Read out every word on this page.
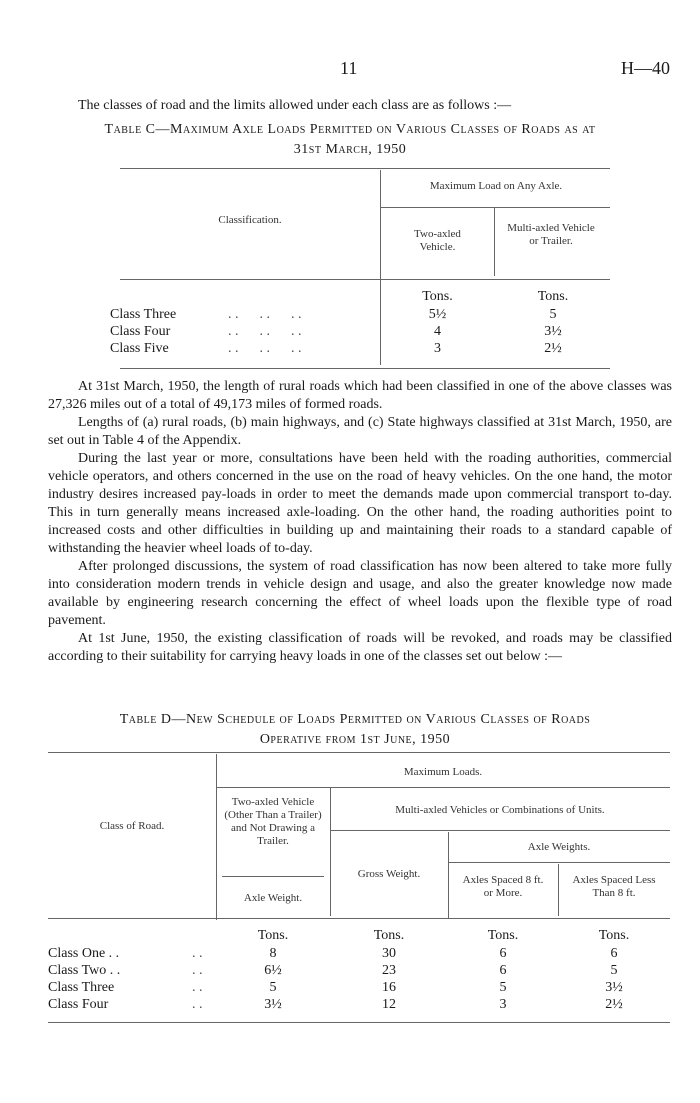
11	H—40
The classes of road and the limits allowed under each class are as follows :—
Table C—Maximum Axle Loads Permitted on Various Classes of Roads as at
31st March, 1950
Maximum Load on Any Axle.
Classification.
Two-axled Vehicle.
Multi-axled Vehicle or Trailer.
Tons.	Tons.
Class Three	. .      . .      . .	5½	5
Class Four	. .      . .      . .	4	3½
Class Five	. .      . .      . .	3	2½

At 31st March, 1950, the length of rural roads which had been classified in one of the above classes was 27,326 miles out of a total of 49,173 miles of formed roads.

Lengths of (a) rural roads, (b) main highways, and (c) State highways classified at 31st March, 1950, are set out in Table 4 of the Appendix.

During the last year or more, consultations have been held with the roading authorities, commercial vehicle operators, and others concerned in the use on the road of heavy vehicles. On the one hand, the motor industry desires increased pay-loads in order to meet the demands made upon commercial transport to-day. This in turn generally means increased axle-loading. On the other hand, the roading authorities point to increased costs and other difficulties in building up and maintaining their roads to a standard capable of withstanding the heavier wheel loads of to-day.

After prolonged discussions, the system of road classification has now been altered to take more fully into consideration modern trends in vehicle design and usage, and also the greater knowledge now made available by engineering research concerning the effect of wheel loads upon the flexible type of road pavement.

At 1st June, 1950, the existing classification of roads will be revoked, and roads may be classified according to their suitability for carrying heavy loads in one of the classes set out below :—

Table D—New Schedule of Loads Permitted on Various Classes of Roads
Operative from 1st June, 1950
Maximum Loads.
Class of Road.
Two-axled Vehicle (Other Than a Trailer) and Not Drawing a Trailer.
Axle Weight.
Multi-axled Vehicles or Combinations of Units.
Gross Weight.
Axle Weights.
Axles Spaced 8 ft. or More.
Axles Spaced Less Than 8 ft.
Tons.	Tons.	Tons.	Tons.
Class One . .	. .	8	30	6	6
Class Two . .	. .	6½	23	6	5
Class Three	. .	5	16	5	3½
Class Four	. .	3½	12	3	2½
